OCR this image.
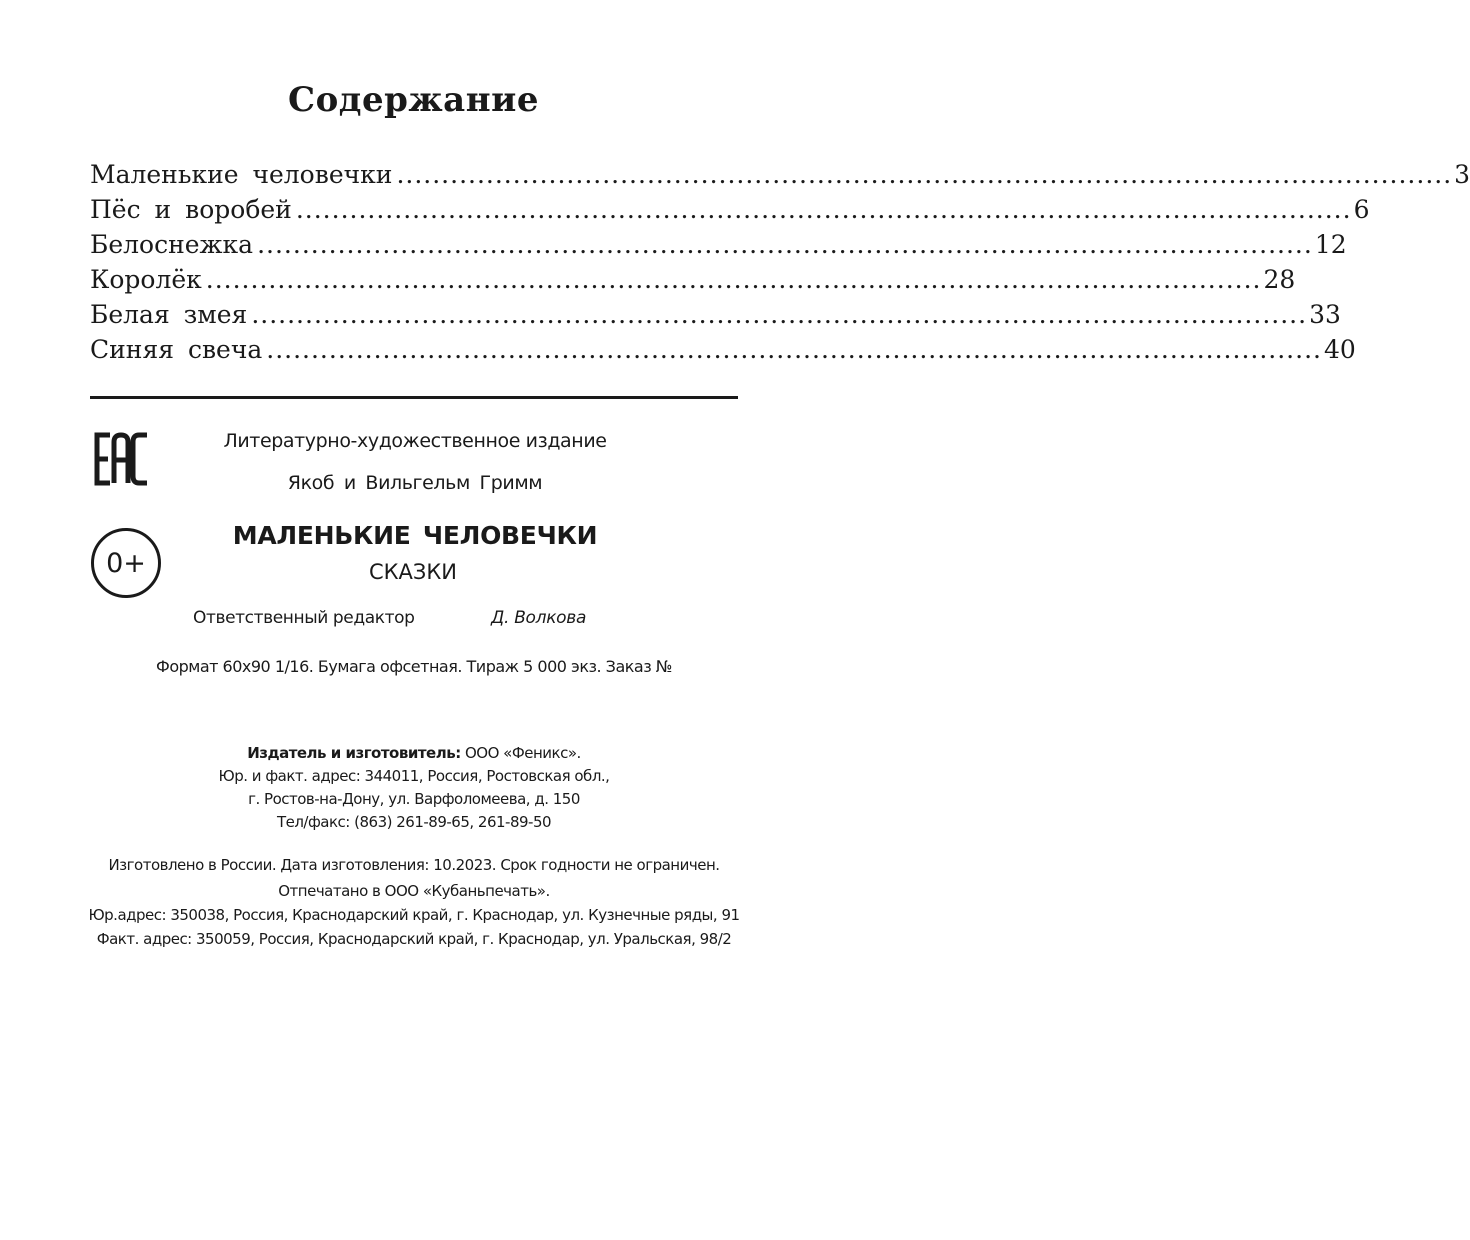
Содержание
Маленькие человечки ...................................................................................................................... 3
Пёс и воробей ...................................................................................................................... 6
Белоснежка ...................................................................................................................... 12
Королёк ...................................................................................................................... 28
Белая змея ...................................................................................................................... 33
Синяя свеча ...................................................................................................................... 40
0+
Литературно-художественное издание
Якоб и Вильгельм Гримм
МАЛЕНЬКИЕ ЧЕЛОВЕЧКИ
СКАЗКИ
Ответственный редактор	Д. Волкова
Формат 60x90 1/16. Бумага офсетная. Тираж 5 000 экз. Заказ №
Издатель и изготовитель: ООО «Феникс».
Юр. и факт. адрес: 344011, Россия, Ростовская обл.,
г. Ростов-на-Дону, ул. Варфоломеева, д. 150
Тел/факс: (863) 261-89-65, 261-89-50
Изготовлено в России. Дата изготовления: 10.2023. Срок годности не ограничен.
Отпечатано в ООО «Кубаньпечать».
Юр.адрес: 350038, Россия, Краснодарский край, г. Краснодар, ул. Кузнечные ряды, 91
Факт. адрес: 350059, Россия, Краснодарский край, г. Краснодар, ул. Уральская, 98/2
